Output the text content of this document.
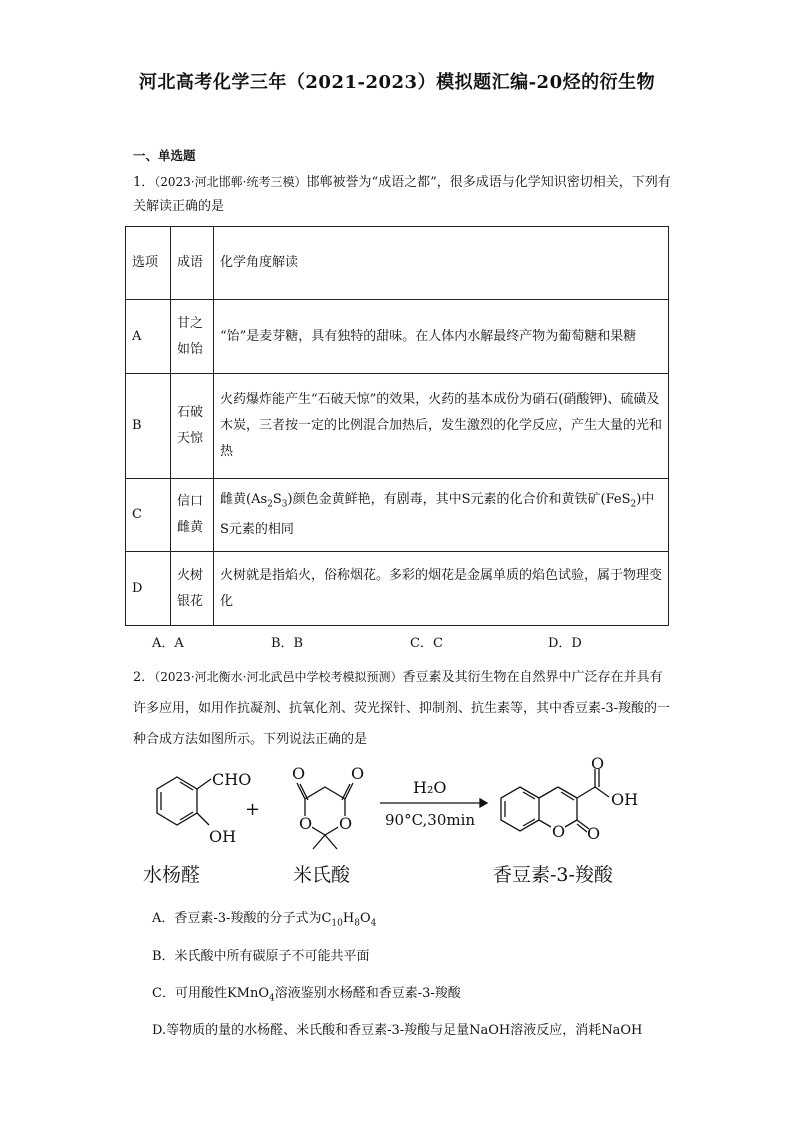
河北高考化学三年（2021-2023）模拟题汇编-20烃的衍生物
一、单选题
1．（2023·河北邯郸·统考三模）邯郸被誉为“成语之都”，很多成语与化学知识密切相关，下列有关解读正确的是
选项	成语	化学角度解读
A	甘之如饴	“饴”是麦芽糖，具有独特的甜味。在人体内水解最终产物为葡萄糖和果糖
B	石破天惊	火药爆炸能产生“石破天惊”的效果，火药的基本成份为硝石(硝酸钾)、硫磺及木炭，三者按一定的比例混合加热后，发生激烈的化学反应，产生大量的光和热
C	信口雌黄	雌黄$(As_2S_3)$颜色金黄鲜艳，有剧毒，其中S元素的化合价和黄铁矿(FeS$_2$)中S元素的相同
D	火树银花	火树就是指焰火，俗称烟花。多彩的烟花是金属单质的焰色试验，属于物理变化
A．A	B．B	C．C	D．D
2．（2023·河北衡水·河北武邑中学校考模拟预测）香豆素及其衍生物在自然界中广泛存在并具有许多应用，如用作抗凝剂、抗氧化剂、荧光探针、抑制剂、抗生素等，其中香豆素-3-羧酸的一种合成方法如图所示。下列说法正确的是
CHO
OH
+
O	O
O O
H₂O
90°C,30min
O
O
O
OH
水杨醛	米氏酸	香豆素-3-羧酸
A．香豆素-3-羧酸的分子式为$C_{10}H_8O_4$
B．米氏酸中所有碳原子不可能共平面
C．可用酸性KMnO$_4$溶液鉴别水杨醛和香豆素-3-羧酸
D.等物质的量的水杨醛、米氏酸和香豆素-3-羧酸与足量NaOH溶液反应，消耗NaOH
